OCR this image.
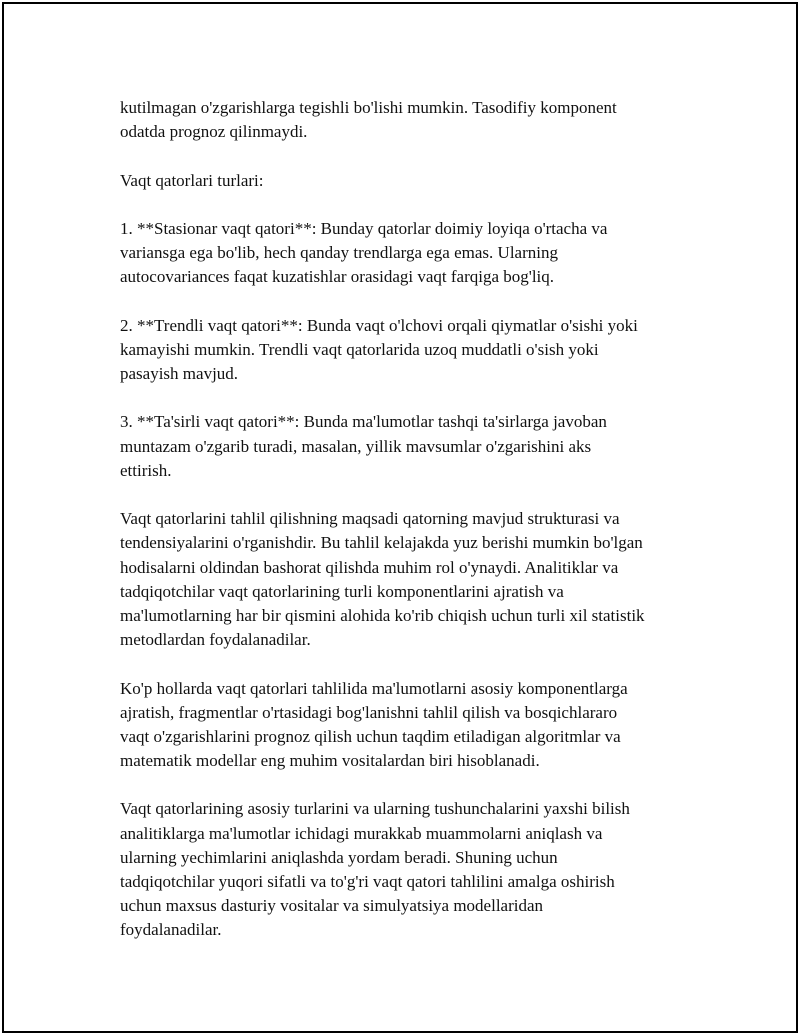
kutilmagan o'zgarishlarga tegishli bo'lishi mumkin. Tasodifiy komponent
odatda prognoz qilinmaydi.

Vaqt qatorlari turlari:

1. **Stasionar vaqt qatori**: Bunday qatorlar doimiy loyiqa o'rtacha va
variansga ega bo'lib, hech qanday trendlarga ega emas. Ularning
autocovariances faqat kuzatishlar orasidagi vaqt farqiga bog'liq.

2. **Trendli vaqt qatori**: Bunda vaqt o'lchovi orqali qiymatlar o'sishi yoki
kamayishi mumkin. Trendli vaqt qatorlarida uzoq muddatli o'sish yoki
pasayish mavjud.

3. **Ta'sirli vaqt qatori**: Bunda ma'lumotlar tashqi ta'sirlarga javoban
muntazam o'zgarib turadi, masalan, yillik mavsumlar o'zgarishini aks
ettirish.

Vaqt qatorlarini tahlil qilishning maqsadi qatorning mavjud strukturasi va
tendensiyalarini o'rganishdir. Bu tahlil kelajakda yuz berishi mumkin bo'lgan
hodisalarni oldindan bashorat qilishda muhim rol o'ynaydi. Analitiklar va
tadqiqotchilar vaqt qatorlarining turli komponentlarini ajratish va
ma'lumotlarning har bir qismini alohida ko'rib chiqish uchun turli xil statistik
metodlardan foydalanadilar.

Ko'p hollarda vaqt qatorlari tahlilida ma'lumotlarni asosiy komponentlarga
ajratish, fragmentlar o'rtasidagi bog'lanishni tahlil qilish va bosqichlararo
vaqt o'zgarishlarini prognoz qilish uchun taqdim etiladigan algoritmlar va
matematik modellar eng muhim vositalardan biri hisoblanadi.

Vaqt qatorlarining asosiy turlarini va ularning tushunchalarini yaxshi bilish
analitiklarga ma'lumotlar ichidagi murakkab muammolarni aniqlash va
ularning yechimlarini aniqlashda yordam beradi. Shuning uchun
tadqiqotchilar yuqori sifatli va to'g'ri vaqt qatori tahlilini amalga oshirish
uchun maxsus dasturiy vositalar va simulyatsiya modellaridan
foydalanadilar.
